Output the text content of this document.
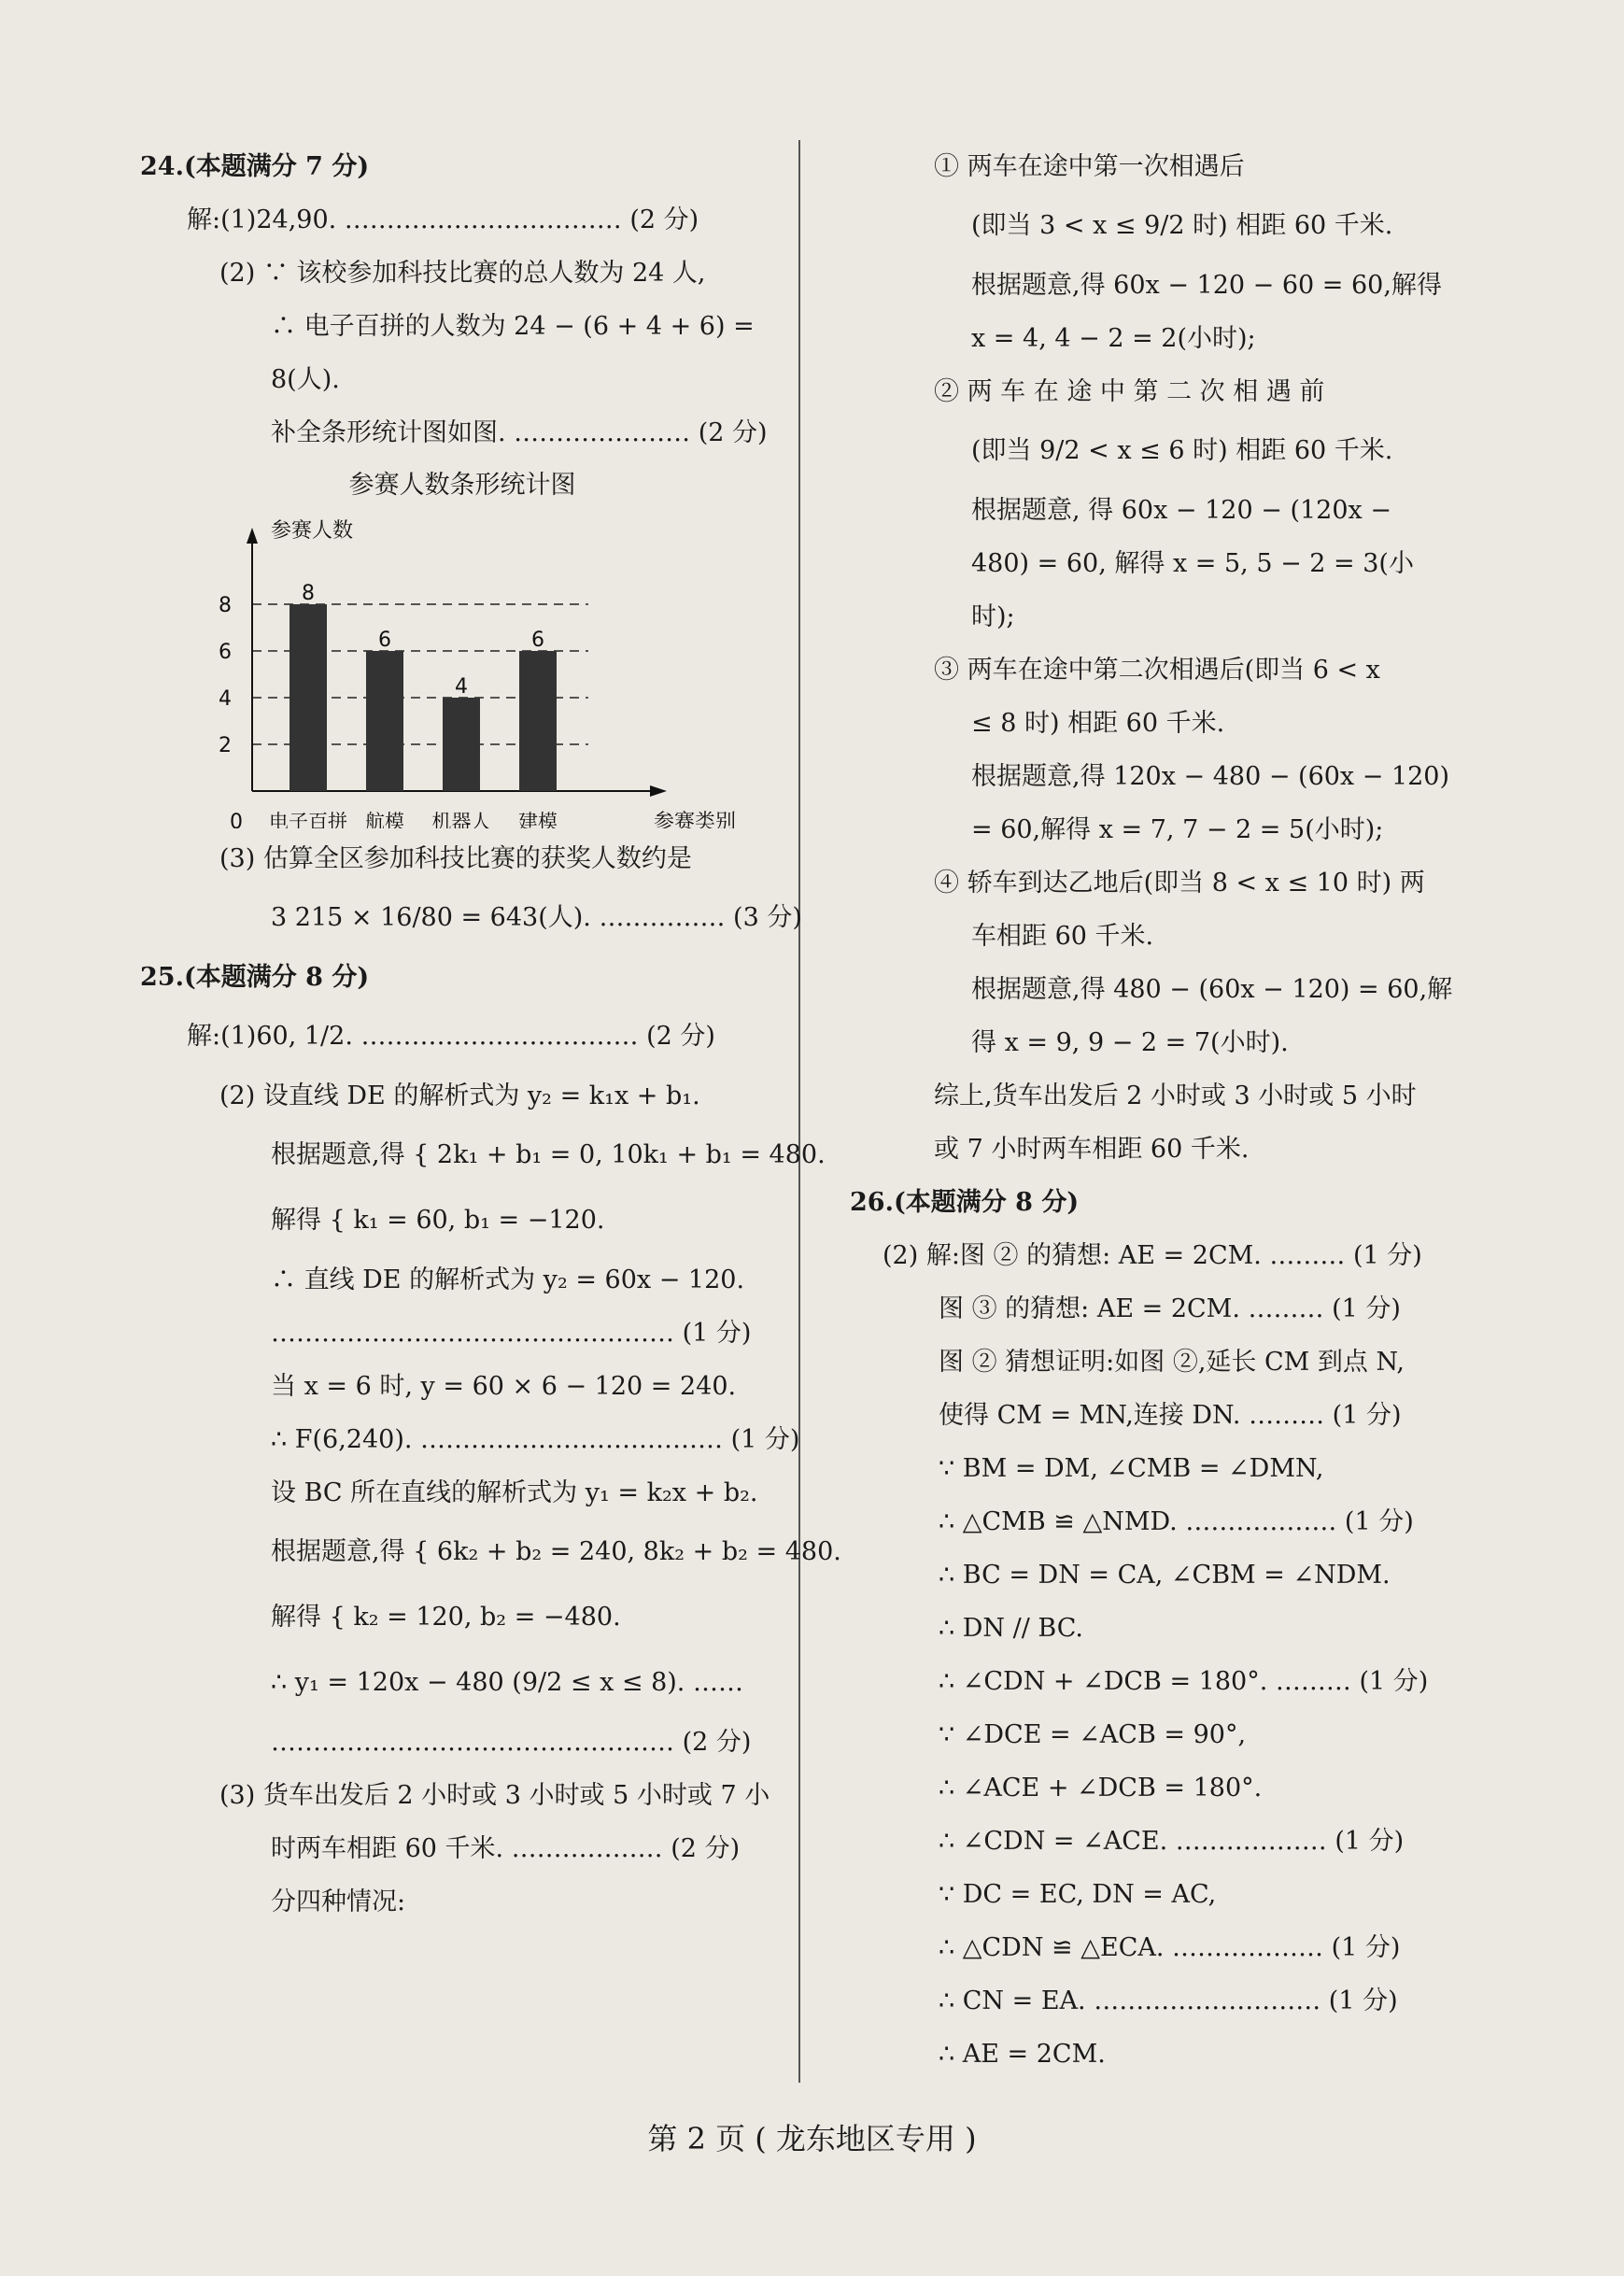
24.(本题满分 7 分)
解:(1)24,90. …………………………… (2 分)
(2) ∵ 该校参加科技比赛的总人数为 24 人,
∴ 电子百拼的人数为 24 − (6 + 4 + 6) =
8(人).
补全条形统计图如图. ………………… (2 分)
参赛人数条形统计图
0
2
4
6
8
参赛人数
参赛类别
8
电子百拼
6
航模
4
机器人
6
建模
(3) 估算全区参加科技比赛的获奖人数约是
3 215 × 16/80 = 643(人). …………… (3 分)
25.(本题满分 8 分)
解:(1)60, 1/2. …………………………… (2 分)
(2) 设直线 DE 的解析式为 y₂ = k₁x + b₁.
根据题意,得 { 2k₁ + b₁ = 0, 10k₁ + b₁ = 480.
解得 { k₁ = 60, b₁ = −120.
∴ 直线 DE 的解析式为 y₂ = 60x − 120.
………………………………………… (1 分)
当 x = 6 时, y = 60 × 6 − 120 = 240.
∴ F(6,240). ……………………………… (1 分)
设 BC 所在直线的解析式为 y₁ = k₂x + b₂.
根据题意,得 { 6k₂ + b₂ = 240, 8k₂ + b₂ = 480.
解得 { k₂ = 120, b₂ = −480.
∴ y₁ = 120x − 480 (9/2 ≤ x ≤ 8). ……
………………………………………… (2 分)
(3) 货车出发后 2 小时或 3 小时或 5 小时或 7 小
时两车相距 60 千米. ……………… (2 分)
分四种情况:
① 两车在途中第一次相遇后
(即当 3 < x ≤ 9/2 时) 相距 60 千米.
根据题意,得 60x − 120 − 60 = 60,解得
x = 4, 4 − 2 = 2(小时);
② 两 车 在 途 中 第 二 次 相 遇 前
(即当 9/2 < x ≤ 6 时) 相距 60 千米.
根据题意, 得 60x − 120 − (120x −
480) = 60, 解得 x = 5, 5 − 2 = 3(小
时);
③ 两车在途中第二次相遇后(即当 6 < x
≤ 8 时) 相距 60 千米.
根据题意,得 120x − 480 − (60x − 120)
= 60,解得 x = 7, 7 − 2 = 5(小时);
④ 轿车到达乙地后(即当 8 < x ≤ 10 时) 两
车相距 60 千米.
根据题意,得 480 − (60x − 120) = 60,解
得 x = 9, 9 − 2 = 7(小时).
综上,货车出发后 2 小时或 3 小时或 5 小时
或 7 小时两车相距 60 千米.
26.(本题满分 8 分)
(2) 解:图 ② 的猜想: AE = 2CM. ……… (1 分)
图 ③ 的猜想: AE = 2CM. ……… (1 分)
图 ② 猜想证明:如图 ②,延长 CM 到点 N,
使得 CM = MN,连接 DN. ……… (1 分)
∵ BM = DM, ∠CMB = ∠DMN,
∴ △CMB ≌ △NMD. ……………… (1 分)
∴ BC = DN = CA, ∠CBM = ∠NDM.
∴ DN // BC.
∴ ∠CDN + ∠DCB = 180°. ……… (1 分)
∵ ∠DCE = ∠ACB = 90°,
∴ ∠ACE + ∠DCB = 180°.
∴ ∠CDN = ∠ACE. ……………… (1 分)
∵ DC = EC, DN = AC,
∴ △CDN ≌ △ECA. ……………… (1 分)
∴ CN = EA. ……………………… (1 分)
∴ AE = 2CM.
第 2 页 ( 龙东地区专用 )
